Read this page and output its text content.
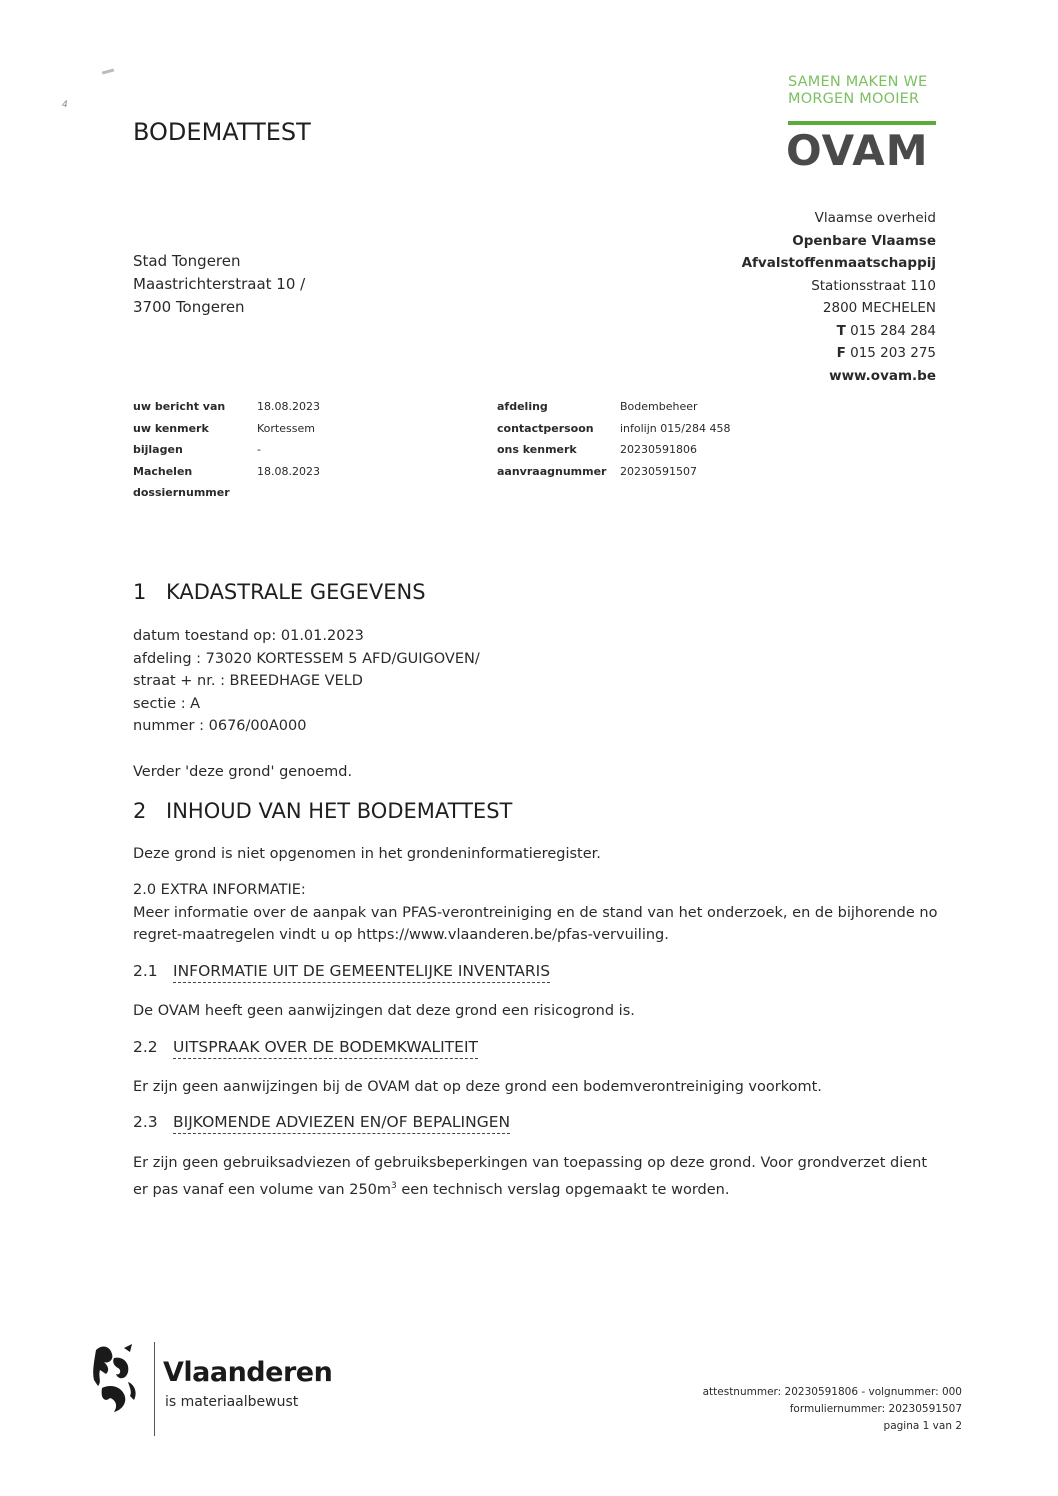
4
BODEMATTEST
SAMEN MAKEN WE
MORGEN MOOIER
OVAM
Vlaamse overheid
Openbare Vlaamse
Afvalstoffenmaatschappij
Stationsstraat 110
2800 MECHELEN
T 015 284 284
F 015 203 275
www.ovam.be
Stad Tongeren
Maastrichterstraat 10 /
3700 Tongeren
uw bericht van
uw kenmerk
bijlagen
Machelen
dossiernummer
18.08.2023
Kortessem
-
18.08.2023
afdeling
contactpersoon
ons kenmerk
aanvraagnummer
Bodembeheer
infolijn 015/284 458
20230591806
20230591507
1 KADASTRALE GEGEVENS
datum toestand op: 01.01.2023
afdeling : 73020 KORTESSEM 5 AFD/GUIGOVEN/
straat + nr. : BREEDHAGE VELD
sectie : A
nummer : 0676/00A000
Verder 'deze grond' genoemd.
2 INHOUD VAN HET BODEMATTEST
Deze grond is niet opgenomen in het grondeninformatieregister.
2.0 EXTRA INFORMATIE:
Meer informatie over de aanpak van PFAS-verontreiniging en de stand van het onderzoek, en de bijhorende no regret-maatregelen vindt u op https://www.vlaanderen.be/pfas-vervuiling.
2.1 INFORMATIE UIT DE GEMEENTELIJKE INVENTARIS
De OVAM heeft geen aanwijzingen dat deze grond een risicogrond is.
2.2 UITSPRAAK OVER DE BODEMKWALITEIT
Er zijn geen aanwijzingen bij de OVAM dat op deze grond een bodemverontreiniging voorkomt.
2.3 BIJKOMENDE ADVIEZEN EN/OF BEPALINGEN
Er zijn geen gebruiksadviezen of gebruiksbeperkingen van toepassing op deze grond. Voor grondverzet dient
er pas vanaf een volume van $250m^3$ een technisch verslag opgemaakt te worden.
Vlaanderen
is materiaalbewust
attestnummer: 20230591806 - volgnummer: 000
formuliernummer: 20230591507
pagina 1 van 2
